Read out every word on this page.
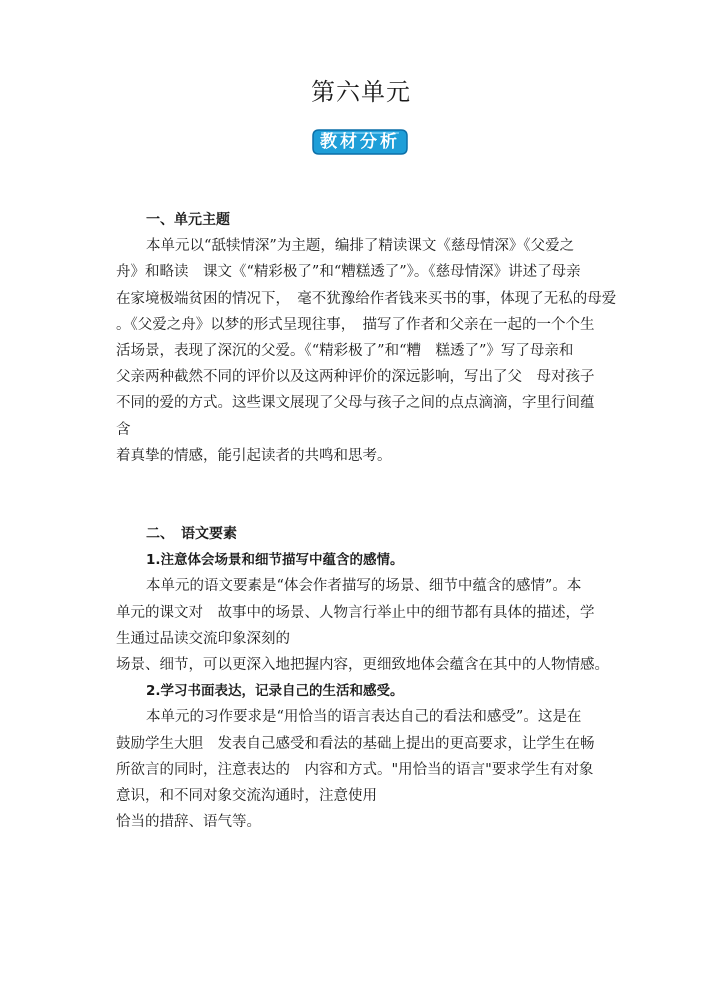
第六单元
教材分析
一、单元主题
本单元以“舐犊情深”为主题，编排了精读课文《慈母情深》《父爱之
舟》和略读　课文《“精彩极了”和“糟糕透了”》。《慈母情深》讲述了母亲
在家境极端贫困的情况下，　毫不犹豫给作者钱来买书的事，体现了无私的母爱
。《父爱之舟》以梦的形式呈现往事，　描写了作者和父亲在一起的一个个生
活场景，表现了深沉的父爱。《“精彩极了”和“糟　糕透了”》写了母亲和
父亲两种截然不同的评价以及这两种评价的深远影响，写出了父　母对孩子
不同的爱的方式。这些课文展现了父母与孩子之间的点点滴滴，字里行间蕴
含
着真挚的情感，能引起读者的共鸣和思考。
二、　语文要素
1.注意体会场景和细节描写中蕴含的感情。
本单元的语文要素是“体会作者描写的场景、细节中蕴含的感情”。本
单元的课文对　故事中的场景、人物言行举止中的细节都有具体的描述，学
生通过品读交流印象深刻的
场景、细节，可以更深入地把握内容，更细致地体会蕴含在其中的人物情感。
2.学习书面表达，记录自己的生活和感受。
本单元的习作要求是“用恰当的语言表达自己的看法和感受”。这是在
鼓励学生大胆　发表自己感受和看法的基础上提出的更高要求，让学生在畅
所欲言的同时，注意表达的　内容和方式。"用恰当的语言"要求学生有对象
意识，和不同对象交流沟通时，注意使用
恰当的措辞、语气等。
